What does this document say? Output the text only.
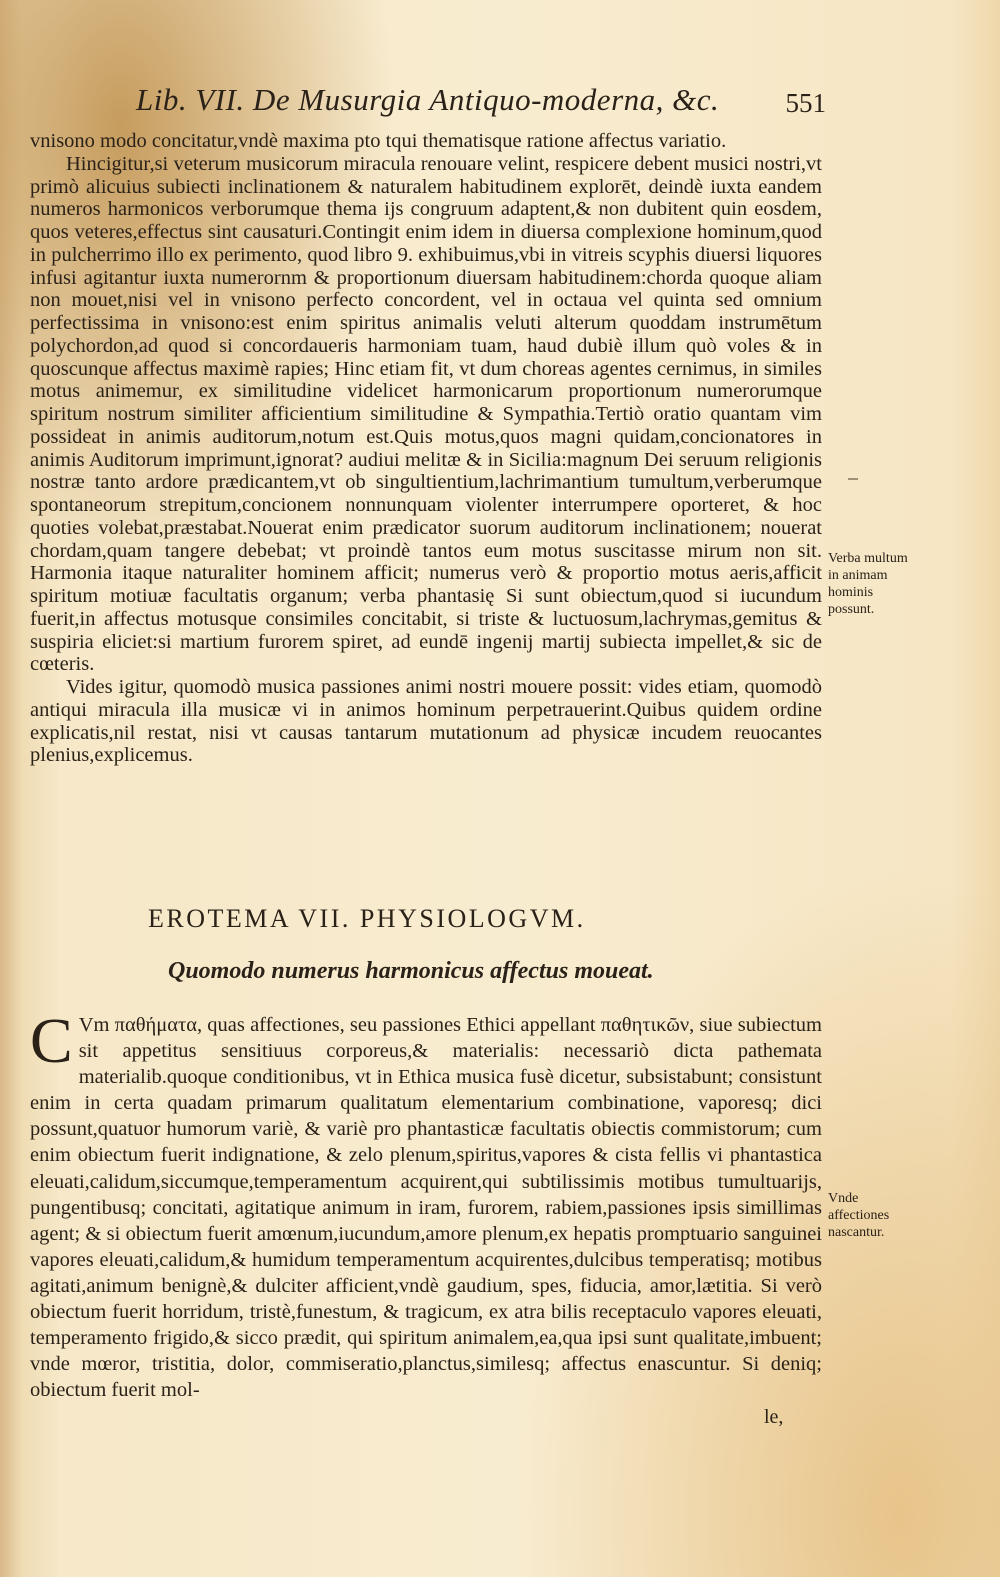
Lib. VII. De Musurgia Antiquo-moderna, &c. 551

vnisono modo concitatur,vndè maxima pto tqui thematisque ratione affectus variatio.

Hincigitur,si veterum musicorum miracula renouare velint, respicere debent musici nostri,vt primò alicuius subiecti inclinationem & naturalem habitudinem explorēt, deindè iuxta eandem numeros harmonicos verborumque thema ijs congruum adaptent,& non dubitent quin eosdem, quos veteres,effectus sint causaturi.Contingit enim idem in diuersa complexione hominum,quod in pulcherrimo illo ex perimento, quod libro 9. exhibuimus,vbi in vitreis scyphis diuersi liquores infusi agitantur iuxta numerornm & proportionum diuersam habitudinem:chorda quoque aliam non mouet,nisi vel in vnisono perfecto concordent, vel in octaua vel quinta sed omnium perfectissima in vnisono:est enim spiritus animalis veluti alterum quoddam instrumētum polychordon,ad quod si concordaueris harmoniam tuam, haud dubiè illum quò voles & in quoscunque affectus maximè rapies; Hinc etiam fit, vt dum choreas agentes cernimus, in similes motus animemur, ex similitudine videlicet harmonicarum proportionum numerorumque spiritum nostrum similiter afficientium similitudine & Sympathia.Tertiò oratio quantam vim possideat in animis auditorum,notum est.Quis motus,quos magni quidam,concionatores in animis Auditorum imprimunt,ignorat? audiui melitæ & in Sicilia:magnum Dei seruum religionis nostræ tanto ardore prædicantem,vt ob singultientium,lachrimantium tumultum,verberumque spontaneorum strepitum,concionem nonnunquam violenter interrumpere oporteret, & hoc quoties volebat,præstabat.Nouerat enim prædicator suorum auditorum inclinationem; nouerat chordam,quam tangere debebat; vt proindè tantos eum motus suscitasse mirum non sit. Harmonia itaque naturaliter hominem afficit; numerus verò & proportio motus aeris,afficit spiritum motiuæ facultatis organum; verba phantasię Si sunt obiectum,quod si iucundum fuerit,in affectus motusque consimiles concitabit, si triste & luctuosum,lachrymas,gemitus & suspiria eliciet:si martium furorem spiret, ad eundē ingenij martij subiecta impellet,& sic de cœteris.

Vides igitur, quomodò musica passiones animi nostri mouere possit: vides etiam, quomodò antiqui miracula illa musicæ vi in animos hominum perpetrauerint.Quibus quidem ordine explicatis,nil restat, nisi vt causas tantarum mutationum ad physicæ incudem reuocantes plenius,explicemus.

Verba multum in animam hominis possunt.
EROTEMA VII. PHYSIOLOGVM.
Quomodo numerus harmonicus affectus moueat.
C Vm παθήματα, quas affectiones, seu passiones Ethici appellant παθητικῶν, siue subiectum sit appetitus sensitiuus corporeus,& materialis: necessariò dicta pathemata materialib.quoque conditionibus, vt in Ethica musica fusè dicetur, subsistabunt; consistunt enim in certa quadam primarum qualitatum elementarium combinatione, vaporesq; dici possunt,quatuor humorum variè, & variè pro phantasticæ facultatis obiectis commistorum; cum enim obiectum fuerit indignatione, & zelo plenum,spiritus,vapores & cista fellis vi phantastica eleuati,calidum,siccumque,temperamentum acquirent,qui subtilissimis motibus tumultuarijs, pungentibusq; concitati, agitatique animum in iram, furorem, rabiem,passiones ipsis simillimas agent; & si obiectum fuerit amœnum,iucundum,amore plenum,ex hepatis promptuario sanguinei vapores eleuati,calidum,& humidum temperamentum acquirentes,dulcibus temperatisq; motibus agitati,animum benignè,& dulciter afficient,vndè gaudium, spes, fiducia, amor,lætitia. Si verò obiectum fuerit horridum, tristè,funestum, & tragicum, ex atra bilis receptaculo vapores eleuati, temperamento frigido,& sicco prædit, qui spiritum animalem,ea,qua ipsi sunt qualitate,imbuent; vnde mœror, tristitia, dolor, commiseratio,planctus,similesq; affectus enascuntur. Si deniq; obiectum fuerit mol-
Vnde affectiones nascantur.
le,
